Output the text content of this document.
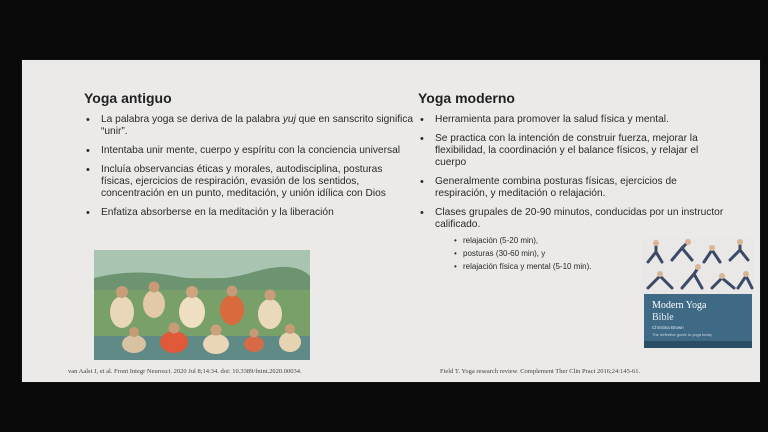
Yoga antiguo
• La palabra yoga se deriva de la palabra yuj que en sanscrito significa “unir”.
• Intentaba unir mente, cuerpo y espíritu con la conciencia universal
• Incluía observancias éticas y morales, autodisciplina, posturas físicas, ejercicios de respiración, evasión de los sentidos, concentración en un punto, meditación, y unión idílica con Dios
• Enfatiza absorberse en la meditación y la liberación
van Aalst J, et al. Front Integr Neurosci. 2020 Jul 8;14:34. doi: 10.3389/fnint.2020.00034.
Yoga moderno
• Herramienta para promover la salud física y mental.
• Se practica con la intención de construir fuerza, mejorar la flexibilidad, la coordinación y el balance físicos, y relajar el cuerpo
• Generalmente combina posturas físicas, ejercicios de respiración, y meditación o relajación.
• Clases grupales de 20-90 minutos, conducidas por un instructor calificado.
• relajación (5-20 min),
• posturas (30-60 min), y
• relajación física y mental (5-10 min).
Modern Yoga
Bible
Christina Brown
The definitive guide to yoga today
Field T. Yoga research review. Complement Ther Clin Pract 2016;24:145-61.
